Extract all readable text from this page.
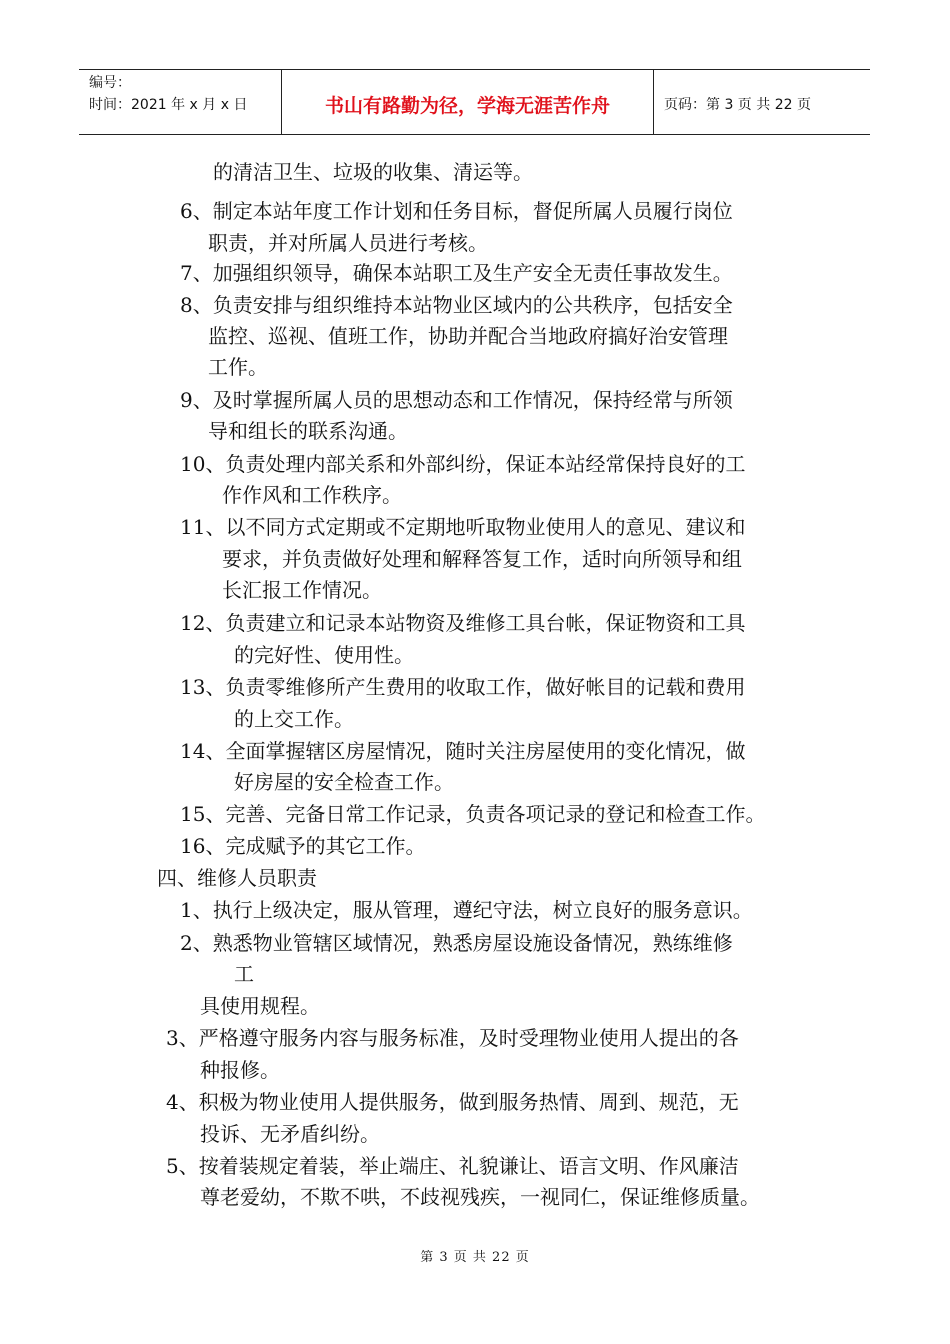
编号：
时间：2021 年 x 月 x 日	书山有路勤为径，学海无涯苦作舟	页码：第 3 页 共 22 页
的清洁卫生、垃圾的收集、清运等。
6、制定本站年度工作计划和任务目标，督促所属人员履行岗位
职责，并对所属人员进行考核。
7、加强组织领导，确保本站职工及生产安全无责任事故发生。
8、负责安排与组织维持本站物业区域内的公共秩序，包括安全
监控、巡视、值班工作，协助并配合当地政府搞好治安管理
工作。
9、及时掌握所属人员的思想动态和工作情况，保持经常与所领
导和组长的联系沟通。
10、负责处理内部关系和外部纠纷，保证本站经常保持良好的工
作作风和工作秩序。
11、以不同方式定期或不定期地听取物业使用人的意见、建议和
要求，并负责做好处理和解释答复工作，适时向所领导和组
长汇报工作情况。
12、负责建立和记录本站物资及维修工具台帐，保证物资和工具
的完好性、使用性。
13、负责零维修所产生费用的收取工作，做好帐目的记载和费用
的上交工作。
14、全面掌握辖区房屋情况，随时关注房屋使用的变化情况，做
好房屋的安全检查工作。
15、完善、完备日常工作记录，负责各项记录的登记和检查工作。
16、完成赋予的其它工作。
四、维修人员职责
1、执行上级决定，服从管理，遵纪守法，树立良好的服务意识。
2、熟悉物业管辖区域情况，熟悉房屋设施设备情况，熟练维修
工
具使用规程。
3、严格遵守服务内容与服务标准，及时受理物业使用人提出的各
种报修。
4、积极为物业使用人提供服务，做到服务热情、周到、规范，无
投诉、无矛盾纠纷。
5、按着装规定着装，举止端庄、礼貌谦让、语言文明、作风廉洁
尊老爱幼，不欺不哄，不歧视残疾，一视同仁，保证维修质量。
第 3 页 共 22 页
